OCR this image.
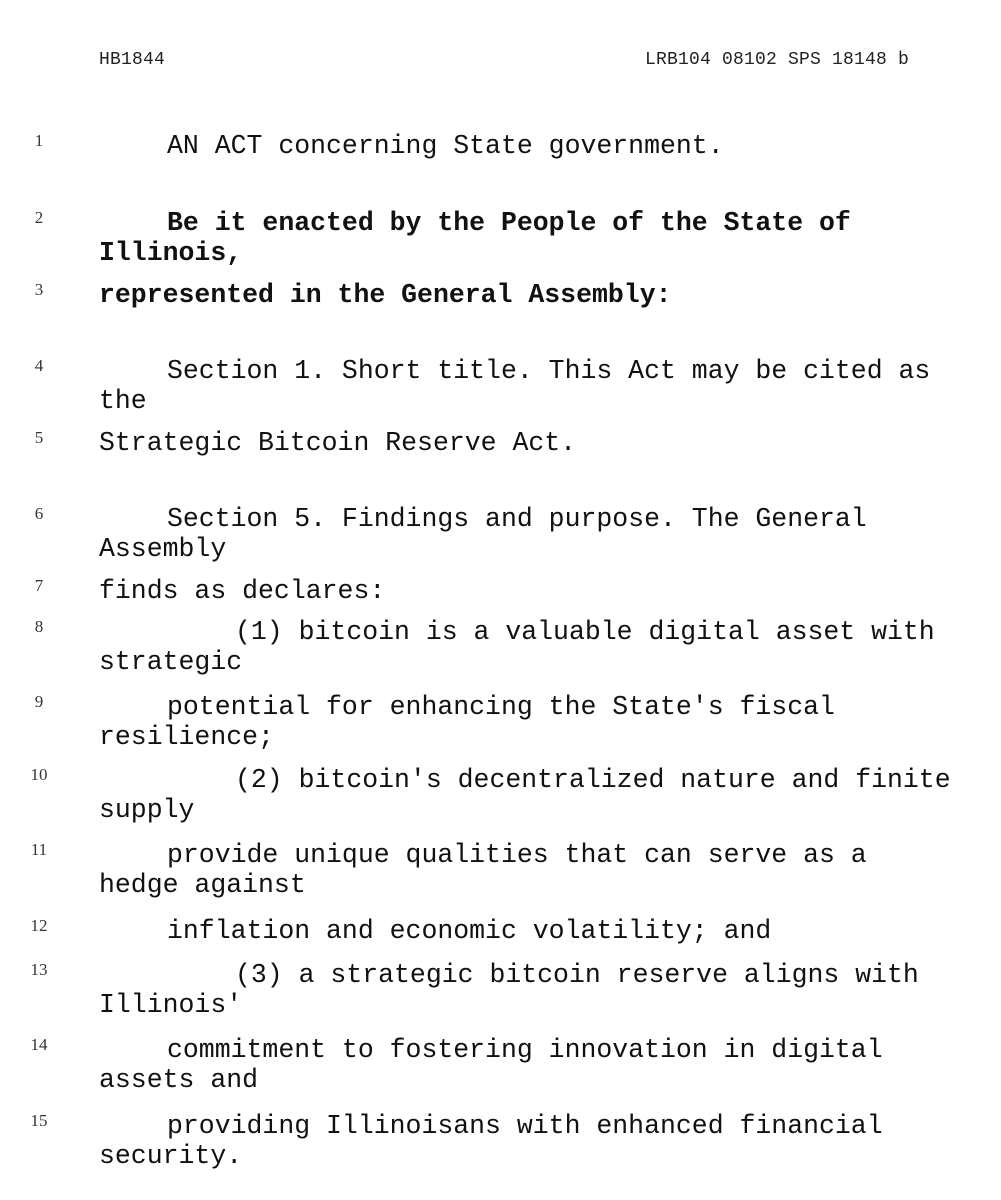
HB1844	LRB104 08102 SPS 18148 b
1	AN ACT concerning State government.
2	Be it enacted by the People of the State of Illinois,
3	represented in the General Assembly:
4	Section 1. Short title. This Act may be cited as the
5	Strategic Bitcoin Reserve Act.
6	Section 5. Findings and purpose. The General Assembly
7	finds as declares:
8	(1) bitcoin is a valuable digital asset with strategic
9	potential for enhancing the State's fiscal resilience;
10	(2) bitcoin's decentralized nature and finite supply
11	provide unique qualities that can serve as a hedge against
12	inflation and economic volatility; and
13	(3) a strategic bitcoin reserve aligns with Illinois'
14	commitment to fostering innovation in digital assets and
15	providing Illinoisans with enhanced financial security.
